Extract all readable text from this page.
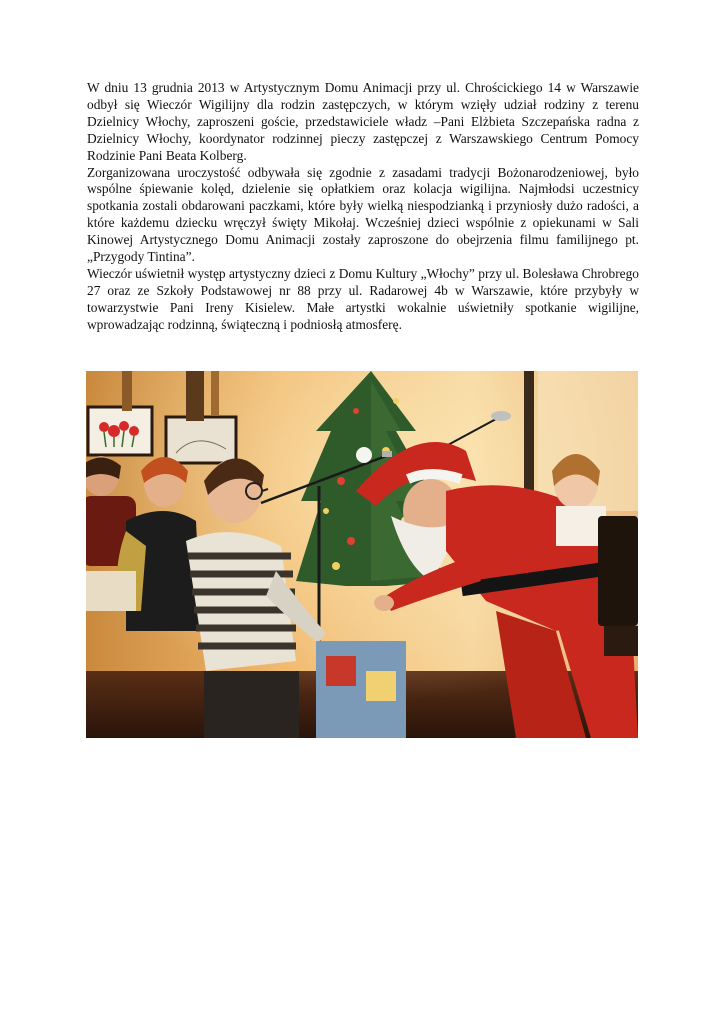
W dniu 13 grudnia 2013 w Artystycznym Domu Animacji przy ul. Chrościckiego 14 w Warszawie odbył się Wieczór Wigilijny dla rodzin zastępczych, w którym wzięły udział rodziny z terenu Dzielnicy Włochy, zaproszeni goście, przedstawiciele władz –Pani Elżbieta Szczepańska radna z Dzielnicy Włochy, koordynator rodzinnej pieczy zastępczej z Warszawskiego Centrum Pomocy Rodzinie Pani Beata Kolberg.

Zorganizowana uroczystość odbywała się zgodnie z zasadami tradycji Bożonarodzeniowej, było wspólne śpiewanie kolęd, dzielenie się opłatkiem oraz kolacja wigilijna. Najmłodsi uczestnicy spotkania zostali obdarowani paczkami, które były wielką niespodzianką i przyniosły dużo radości, a które każdemu dziecku wręczył święty Mikołaj. Wcześniej dzieci wspólnie z opiekunami w Sali Kinowej Artystycznego Domu Animacji zostały zaproszone do obejrzenia filmu familijnego pt. „Przygody Tintina”.

Wieczór uświetnił występ artystyczny dzieci z Domu Kultury „Włochy” przy ul. Bolesława Chrobrego 27 oraz ze Szkoły Podstawowej nr 88 przy ul. Radarowej 4b w Warszawie, które przybyły w towarzystwie Pani Ireny Kisielew. Małe artystki wokalnie uświetniły spotkanie wigilijne, wprowadzając rodzinną, świąteczną i podniosłą atmosferę.
